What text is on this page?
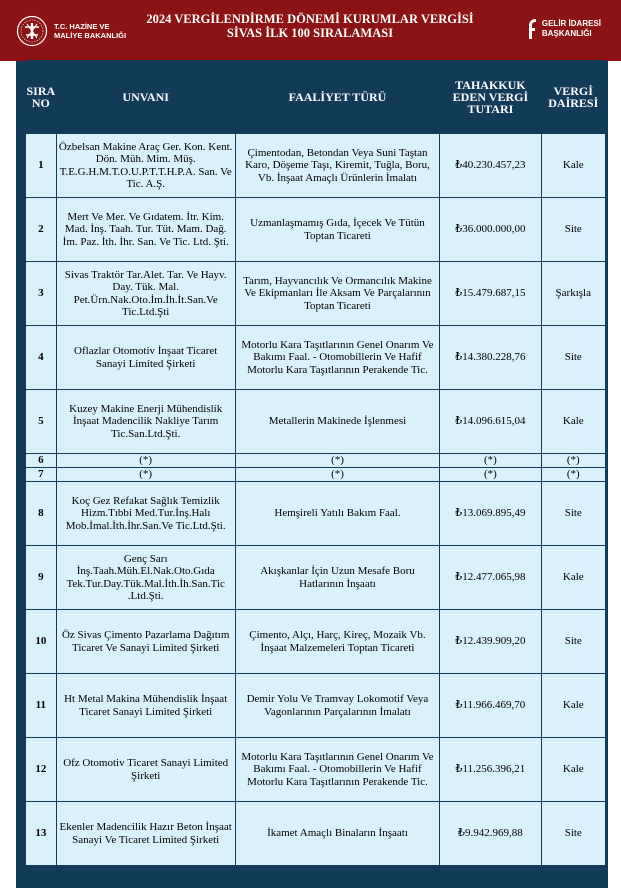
T.C. HAZİNE VE
MALİYE BAKANLIĞI
2024 VERGİLENDİRME DÖNEMİ KURUMLAR VERGİSİ
SİVAS İLK 100 SIRALAMASI
GELİR İDARESİ
BAŞKANLIĞI
SIRA NO	UNVANI	FAALİYET TÜRÜ	TAHAKKUK EDEN VERGİ TUTARI	VERGİ DAİRESİ
1	Özbelsan Makine Araç Ger. Kon. Kent. Dön. Müh. Mim. Müş. T.E.G.H.M.T.O.U.P.T.T.H.P.A. San. Ve Tic. A.Ş.	Çimentodan, Betondan Veya Suni Taştan Karo, Döşeme Taşı, Kiremit, Tuğla, Boru, Vb. İnşaat Amaçlı Ürünlerin İmalatı	₺40.230.457,23	Kale
2	Mert Ve Mer. Ve Gıdatem. İtr. Kim. Mad. İnş. Taah. Tur. Tüt. Mam. Dağ. İm. Paz. İth. İhr. San. Ve Tic. Ltd. Şti.	Uzmanlaşmamış Gıda, İçecek Ve Tütün Toptan Ticareti	₺36.000.000,00	Site
3	Sivas Traktör Tar.Alet. Tar. Ve Hayv. Day. Tük. Mal. Pet.Ürn.Nak.Oto.İm.İh.İt.San.Ve Tic.Ltd.Şti	Tarım, Hayvancılık Ve Ormancılık Makine Ve Ekipmanları İle Aksam Ve Parçalarının Toptan Ticareti	₺15.479.687,15	Şarkışla
4	Oflazlar Otomotiv İnşaat Ticaret Sanayi Limited Şirketi	Motorlu Kara Taşıtlarının Genel Onarım Ve Bakımı Faal. - Otomobillerin Ve Hafif Motorlu Kara Taşıtlarının Perakende Tic.	₺14.380.228,76	Site
5	Kuzey Makine Enerji Mühendislik İnşaat Madencilik Nakliye Tarım Tic.San.Ltd.Şti.	Metallerin Makinede İşlenmesi	₺14.096.615,04	Kale
6	(*)	(*)	(*)	(*)
7	(*)	(*)	(*)	(*)
8	Koç Gez Refakat Sağlık Temizlik Hizm.Tıbbi Med.Tur.İnş.Halı Mob.İmal.İth.İhr.San.Ve Tic.Ltd.Şti.	Hemşireli Yatılı Bakım Faal.	₺13.069.895,49	Site
9	Genç Sarı İnş.Taah.Müh.El.Nak.Oto.Gıda Tek.Tur.Day.Tük.Mal.İth.İh.San.Tic .Ltd.Şti.	Akışkanlar İçin Uzun Mesafe Boru Hatlarının İnşaatı	₺12.477.065,98	Kale
10	Öz Sivas Çimento Pazarlama Dağıtım Ticaret Ve Sanayi Limited Şirketi	Çimento, Alçı, Harç, Kireç, Mozaik Vb. İnşaat Malzemeleri Toptan Ticareti	₺12.439.909,20	Site
11	Ht Metal Makina Mühendislik İnşaat Ticaret Sanayi Limited Şirketi	Demir Yolu Ve Tramvay Lokomotif Veya Vagonlarının Parçalarının İmalatı	₺11.966.469,70	Kale
12	Ofz Otomotiv Ticaret Sanayi Limited Şirketi	Motorlu Kara Taşıtlarının Genel Onarım Ve Bakımı Faal. - Otomobillerin Ve Hafif Motorlu Kara Taşıtlarının Perakende Tic.	₺11.256.396,21	Kale
13	Ekenler Madencilik Hazır Beton İnşaat Sanayi Ve Ticaret Limited Şirketi	İkamet Amaçlı Binaların İnşaatı	₺9.942.969,88	Site
